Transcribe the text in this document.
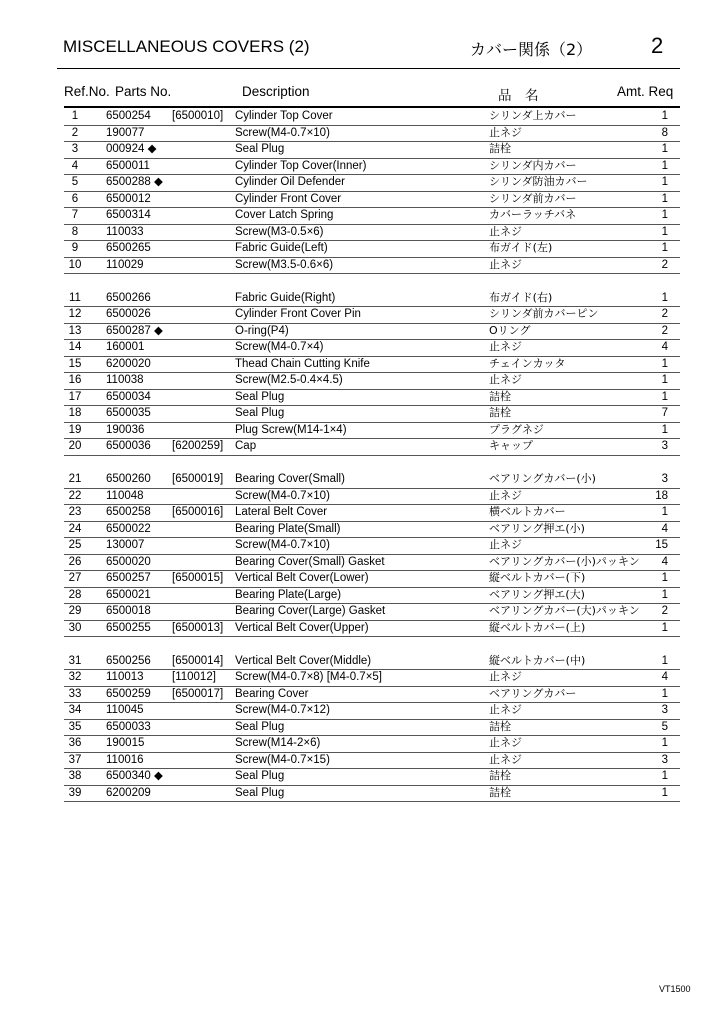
MISCELLANEOUS COVERS (2)	カバー関係（2）	2
Ref.No. Parts No.	Description	品　名	Amt. Req
1	6500254 [6500010] Cylinder Top Cover	シリンダ上カバー	1
2	190077	Screw(M4-0.7×10)	止ネジ	8
3	000924 ◆	Seal Plug	詰栓	1
4	6500011	Cylinder Top Cover(Inner)	シリンダ内カバー	1
5	6500288 ◆	Cylinder Oil Defender	シリンダ防油カバー	1
6	6500012	Cylinder Front Cover	シリンダ前カバー	1
7	6500314	Cover Latch Spring	カバーラッチバネ	1
8	110033	Screw(M3-0.5×6)	止ネジ	1
9	6500265	Fabric Guide(Left)	布ガイド(左)	1
10	110029	Screw(M3.5-0.6×6)	止ネジ	2
11	6500266	Fabric Guide(Right)	布ガイド(右)	1
12	6500026	Cylinder Front Cover Pin	シリンダ前カバーピン	2
13	6500287 ◆	O-ring(P4)	Oリング	2
14	160001	Screw(M4-0.7×4)	止ネジ	4
15	6200020	Thead Chain Cutting Knife	チェインカッタ	1
16	110038	Screw(M2.5-0.4×4.5)	止ネジ	1
17	6500034	Seal Plug	詰栓	1
18	6500035	Seal Plug	詰栓	7
19	190036	Plug Screw(M14-1×4)	プラグネジ	1
20	6500036 [6200259] Cap	キャップ	3
21	6500260 [6500019] Bearing Cover(Small)	ベアリングカバー(小)	3
22	110048	Screw(M4-0.7×10)	止ネジ	18
23	6500258 [6500016] Lateral Belt Cover	横ベルトカバー	1
24	6500022	Bearing Plate(Small)	ベアリング押エ(小)	4
25	130007	Screw(M4-0.7×10)	止ネジ	15
26	6500020	Bearing Cover(Small) Gasket	ベアリングカバー(小)パッキン 4
27	6500257 [6500015] Vertical Belt Cover(Lower)	縦ベルトカバー(下)	1
28	6500021	Bearing Plate(Large)	ベアリング押エ(大)	1
29	6500018	Bearing Cover(Large) Gasket	ベアリングカバー(大)パッキン 2
30	6500255 [6500013] Vertical Belt Cover(Upper)	縦ベルトカバー(上)	1
31	6500256 [6500014] Vertical Belt Cover(Middle)	縦ベルトカバー(中)	1
32	110013 [110012] Screw(M4-0.7×8) [M4-0.7×5]	止ネジ	4
33	6500259 [6500017] Bearing Cover	ベアリングカバー	1
34	110045	Screw(M4-0.7×12)	止ネジ	3
35	6500033	Seal Plug	詰栓	5
36	190015	Screw(M14-2×6)	止ネジ	1
37	110016	Screw(M4-0.7×15)	止ネジ	3
38	6500340 ◆	Seal Plug	詰栓	1
39	6200209	Seal Plug	詰栓	1
VT1500
